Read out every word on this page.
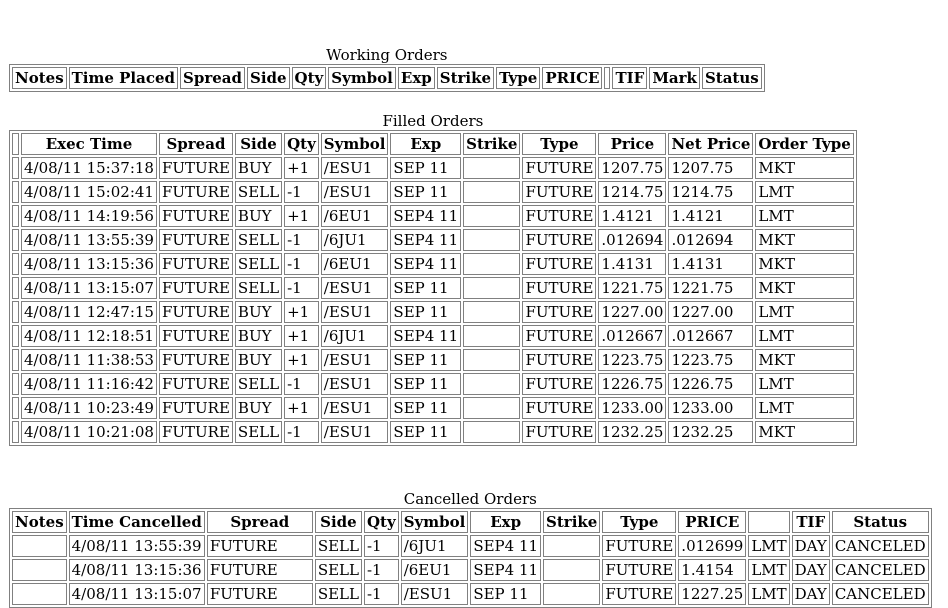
Working Orders
Notes	Time Placed	Spread	Side	Qty	Symbol	Exp	Strike	Type	PRICE		TIF	Mark	Status
Filled Orders
	Exec Time	Spread	Side	Qty	Symbol	Exp	Strike	Type	Price	Net Price	Order Type
	4/08/11 15:37:18	FUTURE	BUY	+1	/ESU1	SEP 11		FUTURE	1207.75	1207.75	MKT
	4/08/11 15:02:41	FUTURE	SELL	-1	/ESU1	SEP 11		FUTURE	1214.75	1214.75	LMT
	4/08/11 14:19:56	FUTURE	BUY	+1	/6EU1	SEP4 11		FUTURE	1.4121	1.4121	LMT
	4/08/11 13:55:39	FUTURE	SELL	-1	/6JU1	SEP4 11		FUTURE	.012694	.012694	MKT
	4/08/11 13:15:36	FUTURE	SELL	-1	/6EU1	SEP4 11		FUTURE	1.4131	1.4131	MKT
	4/08/11 13:15:07	FUTURE	SELL	-1	/ESU1	SEP 11		FUTURE	1221.75	1221.75	MKT
	4/08/11 12:47:15	FUTURE	BUY	+1	/ESU1	SEP 11		FUTURE	1227.00	1227.00	LMT
	4/08/11 12:18:51	FUTURE	BUY	+1	/6JU1	SEP4 11		FUTURE	.012667	.012667	LMT
	4/08/11 11:38:53	FUTURE	BUY	+1	/ESU1	SEP 11		FUTURE	1223.75	1223.75	MKT
	4/08/11 11:16:42	FUTURE	SELL	-1	/ESU1	SEP 11		FUTURE	1226.75	1226.75	LMT
	4/08/11 10:23:49	FUTURE	BUY	+1	/ESU1	SEP 11		FUTURE	1233.00	1233.00	LMT
	4/08/11 10:21:08	FUTURE	SELL	-1	/ESU1	SEP 11		FUTURE	1232.25	1232.25	MKT
Cancelled Orders
Notes	Time Cancelled	Spread	Side	Qty	Symbol	Exp	Strike	Type	PRICE		TIF	Status
	4/08/11 13:55:39	FUTURE	SELL	-1	/6JU1	SEP4 11		FUTURE	.012699	LMT	DAY	CANCELED
	4/08/11 13:15:36	FUTURE	SELL	-1	/6EU1	SEP4 11		FUTURE	1.4154	LMT	DAY	CANCELED
	4/08/11 13:15:07	FUTURE	SELL	-1	/ESU1	SEP 11		FUTURE	1227.25	LMT	DAY	CANCELED
